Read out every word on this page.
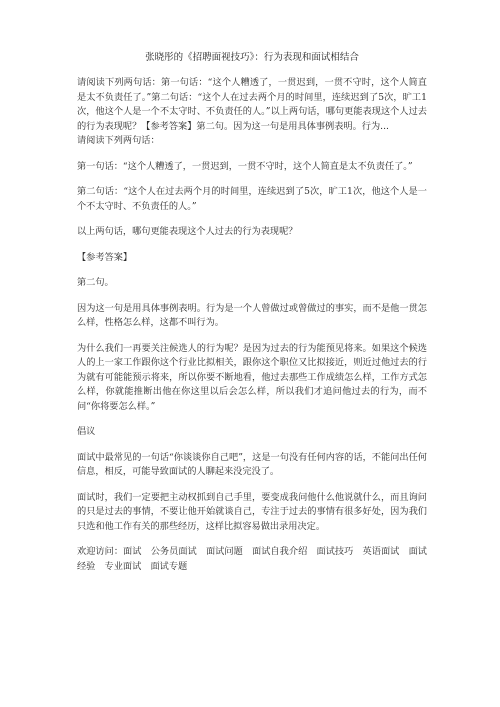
张晓彤的《招聘面视技巧》：行为表现和面试相结合

请阅读下列两句话：第一句话：“这个人糟透了，一贯迟到，一贯不守时，这个人简直是太不负责任了。”第二句话：“这个人在过去两个月的时间里，连续迟到了5次，旷工1次，他这个人是一个不太守时、不负责任的人。”以上两句话，哪句更能表现这个人过去的行为表现呢？【参考答案】第二句。因为这一句是用具体事例表明。行为...

请阅读下列两句话：

第一句话：“这个人糟透了，一贯迟到，一贯不守时，这个人简直是太不负责任了。”

第二句话：“这个人在过去两个月的时间里，连续迟到了5次，旷工1次，他这个人是一个不太守时、不负责任的人。”

以上两句话，哪句更能表现这个人过去的行为表现呢？

【参考答案】

第二句。

因为这一句是用具体事例表明。行为是一个人曾做过或曾做过的事实，而不是他一贯怎么样，性格怎么样，这都不叫行为。

为什么我们一再要关注候选人的行为呢？是因为过去的行为能预见将来。如果这个候选人的上一家工作跟你这个行业比拟相关，跟你这个职位又比拟接近，则近过他过去的行为就有可能能预示将来，所以你要不断地看，他过去那些工作成绩怎么样，工作方式怎么样，你就能推断出他在你这里以后会怎么样，所以我们才追问他过去的行为，而不问“你将要怎么样。”

倡议

面试中最常见的一句话“你谈谈你自己吧”，这是一句没有任何内容的话，不能问出任何信息，相反，可能导致面试的人聊起来没完没了。

面试时，我们一定要把主动权抓到自己手里，要变成我问他什么他说就什么，而且询问的只是过去的事情，不要让他开始就谈自己，专注于过去的事情有很多好处，因为我们只选和他工作有关的那些经历，这样比拟容易做出录用决定。

欢迎访问：面试　公务员面试　面试问题　面试自我介绍　面试技巧　英语面试　面试经验　专业面试　面试专题
